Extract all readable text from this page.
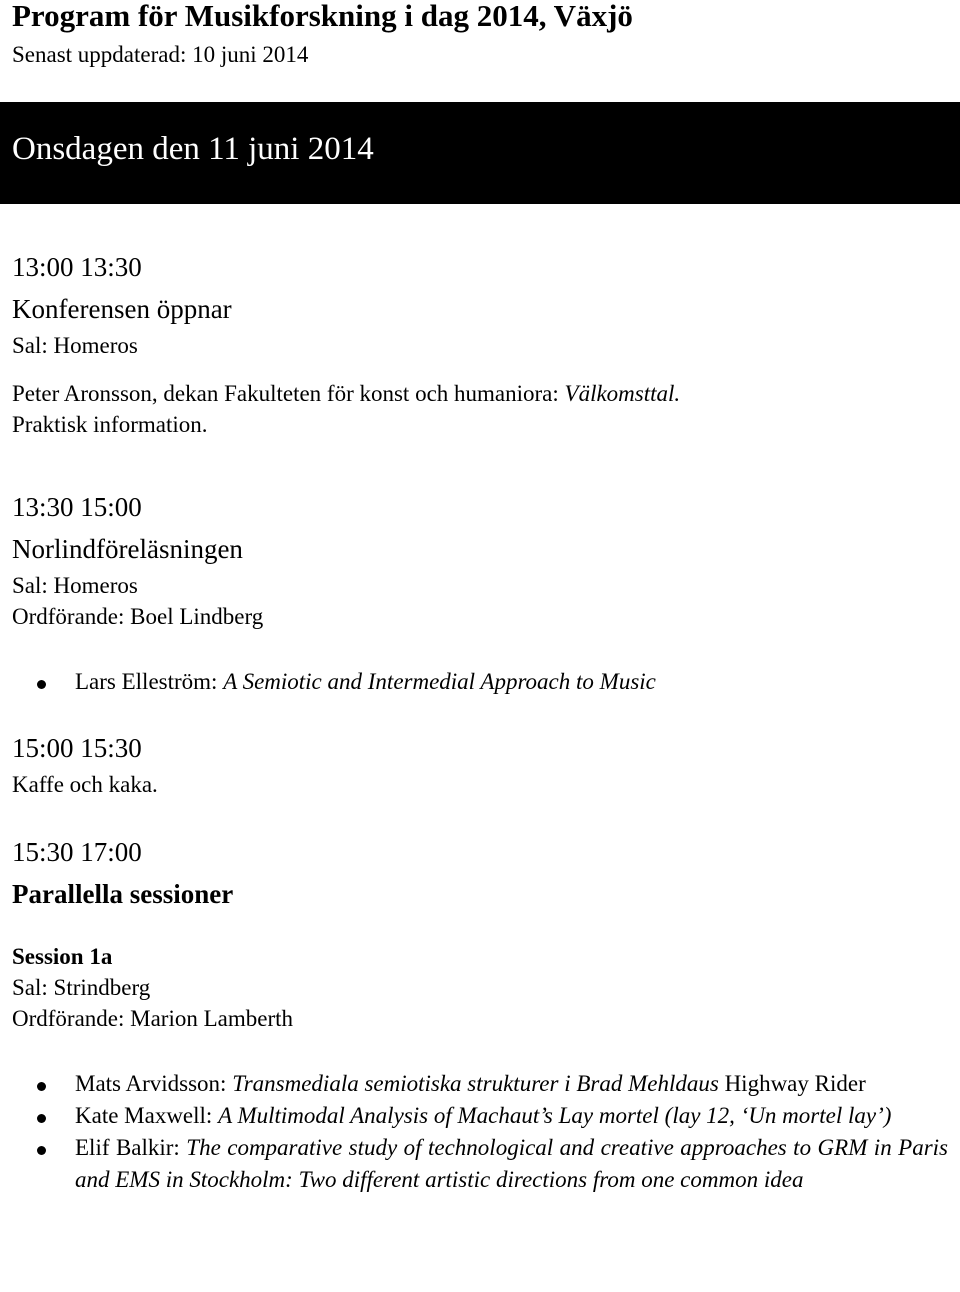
Program för Musikforskning i dag 2014, Växjö
Senast uppdaterad: 10 juni 2014
Onsdagen den 11 juni 2014
13:00 13:30
Konferensen öppnar
Sal: Homeros
Peter Aronsson, dekan Fakulteten för konst och humaniora: Välkomsttal.
Praktisk information.
13:30 15:00
Norlindföreläsningen
Sal: Homeros
Ordförande: Boel Lindberg
Lars Elleström: A Semiotic and Intermedial Approach to Music
15:00 15:30
Kaffe och kaka.
15:30 17:00
Parallella sessioner
Session 1a
Sal: Strindberg
Ordförande: Marion Lamberth
Mats Arvidsson: Transmediala semiotiska strukturer i Brad Mehldaus Highway Rider
Kate Maxwell: A Multimodal Analysis of Machaut’s Lay mortel (lay 12, ‘Un mortel lay’)
Elif Balkir: The comparative study of technological and creative approaches to GRM in Paris and EMS in Stockholm: Two different artistic directions from one common idea
